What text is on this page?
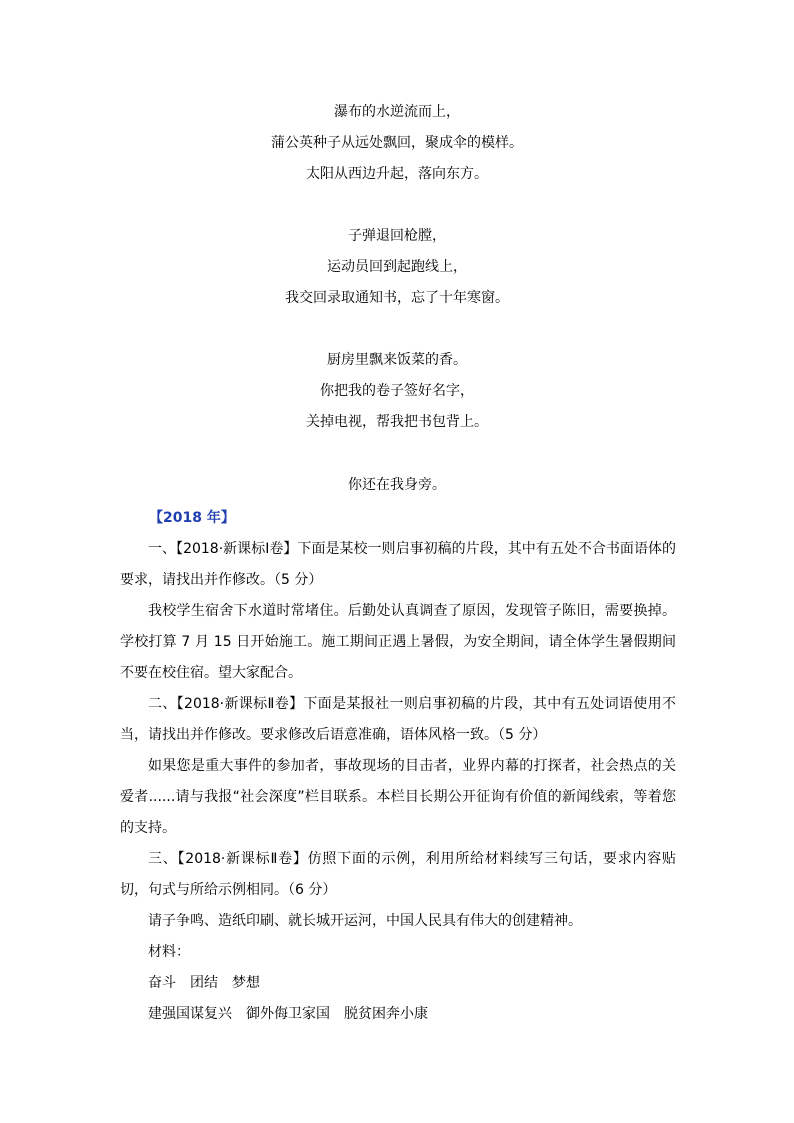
瀑布的水逆流而上，
蒲公英种子从远处飘回，聚成伞的模样。
太阳从西边升起，落向东方。
子弹退回枪膛，
运动员回到起跑线上，
我交回录取通知书，忘了十年寒窗。
厨房里飘来饭菜的香。
你把我的卷子签好名字，
关掉电视，帮我把书包背上。
你还在我身旁。
【2018 年】

一、【2018·新课标Ⅰ卷】下面是某校一则启事初稿的片段，其中有五处不合书面语体的要求，请找出并作修改。（5 分）

我校学生宿舍下水道时常堵住。后勤处认真调查了原因，发现管子陈旧，需要换掉。学校打算 7 月 15 日开始施工。施工期间正遇上暑假，为安全期间，请全体学生暑假期间不要在校住宿。望大家配合。

二、【2018·新课标Ⅱ卷】下面是某报社一则启事初稿的片段，其中有五处词语使用不当，请找出并作修改。要求修改后语意准确，语体风格一致。（5 分）

如果您是重大事件的参加者，事故现场的目击者，业界内幕的打探者，社会热点的关爱者......请与我报“社会深度”栏目联系。本栏目长期公开征询有价值的新闻线索，等着您的支持。

三、【2018·新课标Ⅱ卷】仿照下面的示例，利用所给材料续写三句话，要求内容贴切，句式与所给示例相同。（6 分）

请子争鸣、造纸印刷、就长城开运河，中国人民具有伟大的创建精神。

材料：

奋斗 团结 梦想

建强国谋复兴 御外侮卫家国 脱贫困奔小康
